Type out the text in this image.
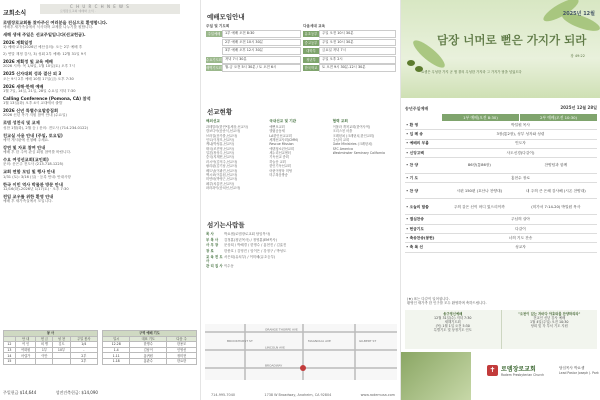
C H U R C H N E W S
교회소식	로뎀장로교회 예배와 소식 ·
로뎀장로교회를 찾아주신 여러분을 진심으로 환영합니다.
예배후 새가족실에서 식사하며 교제를 나누기를 원합니다.
새해 생애 주일은 선교주일입니다(선교헌금).
2026 계획일정
1) 예배·교육(2026년 예산심의): 오는 2부 예배 후
2) 연말 재정 감사, 3) 성회 2부 예배: 12월 31일 9시
2026 계획정 및 교육 예배
2026 시작: 목 1/4일, 1월 10일(토) 오후 7시
2025 신자대회 성과 결산 외 3
오는 9시 2부 예배 10월 17일(금) 오후 7:30
2026 새해·한해 예배
1월 7일, 14일, 21일, 28일 수요일 저녁 7:30
Calling Conference (Pomona, CA) 참석
1월 13일(화) 오후 4시 교대에서 출발
2026 신년 특별수요말씀집회
2026 신년 목가 지원 참여 안내 (수요일)
로뎀 성찬식 및 교제
성찬 1월(화), 2월 등 / 문의: 전도사 (714.234.0122)
친교실 사용 안내 (주일, 토요일)
예약 게시판에 신청해 주세요.
강연 및 자료 참여 안내
예배 후 한 주씩 관심 회원 참여를 바랍니다.
수요 여성선교회(교인회)
문의: 문은주 전도사 (213.718.1225)
교회 연합 모임 및 행사 안내
1/31 (토): 3/16 (일) · 등록 안내: 안내사항
한국 이민 역사 박물관 방문 안내
12/16(화)-2026년 1/17(토) · 오후 7:30
전입 교우를 위한 환영 안내
예배 후 새가족실에서 모입니다.
봉 사				
	안 내	헌 금	성 찬	주일 봉사
12	여 인	외 병	김도	1/4
13	여화원	1부	10부	-
14	어렵가	이만		2부
15				2부
구역 예배 기도		
일시	대표 기도	다음 주
12.28	한명수	한용모
1.4	김남이	인영선
1.11	홍귀원	정미현
1.18	홍관수	한요한
주일헌금 $14,644	성전건축헌금: $14,090
예배모임안내
주일 및 기도회
주일예배	1부 예배 오전 8:30
2부 예배 오전 10시 30분
3부 예배 오후 12시 30분
수요기도회 저녁 7시 30분
새벽기도회 월-금 오전 5시 30분 / 토 오전 6시
다음세대 교육
유초등부	주일 오전 10시 30분
중고등부	주일 오전 10시 30분
대학부	금요일 저녁 7시
청년부	주일 오후 2시
한국학교	토 오전 9시 30분-12시 30분
선교현황
해외선교
과테말라(한민*홍세웅,선교사)
캄보디아(송준식,선교사)
브라질(문가를,선교사)
인도(이정모,선교사)
케냐(박성훈,선교사)
태국(조진영,선교사)
일본(장상우,선교사)
중국(지재헌,선교사)
러시아(김의주,선교사)
필리핀(김기남,선교사)
베트남(이광진,선교사)
멕시코(이흥섭,선교사)
미얀마(박영근,선교사)
페루(차흥민,선교사)
파라과이(송치선,선교사)
국내선교 및 기관
예뻔포교회
엘림공동체
LA한인선교교회
세계선교사회(CMM)
Rescue Mission
에덴청소년선교회
새누리선교센터
기독선교 총회
하늘문 교회
한인기독선교회
어린이양육 미팅
미주복음방송
협력 교회
이볼라 개척교회(한여사역)
크리스천 마을
크레틴쳐 (크레틴치,한인교회)
주님의 교회
Gate Ministries (크레틴치)
SFC America
Westminster Seminary California
섬기는사람들
목 사	박요셉(로뎀장로교회 담임목사)
부 목 사	김정훈(청년목사) / 정영훈(EM목사)
사 무 장	문상희 / 박혜경 / 한명수 / 홍현진 / 김효진
장 로	한충호 / 김영진 / 임이은 / 강정구 / 박성도
교 육 전 도 사
서은희(유치부) / 이미혜(유초등부)
관 리 집 사 이수동
ORANGE THORPE AVE
LINCOLN AVE
BROADWAY
BROOKHURST ST	MAGNOLIA AVE	GILBERT ST
714-995-7040	1738 W Broadway, Anaheim, CA 92804	www.rodemusa.com
2025년 12월
담장 너머로 뻗은 가지가 되라
창 49:22
요셉은 무성한 가지 곧 샘 곁의 무성한 가지라 그 가지가 담을 넘었도다
송년주일예배	2025년 12월 28일
1부 예배(오전 8:30)	2부 예배(오전 10:30)
• 환 영	박일원 목사	
• 입 례 송	3장(통2장), 성부 성자와 성령	
• 예배의 부름	인도자	
• 신앙고백	사도신경(다같이)	
• 찬 양	86장(통86장)	찬양팀과 함께
• 기 도	홍현수 장로	
• 찬 양	시편 150편 (호산나 찬양대)	내 주의 큰 은혜 감사해 (시온 찬양대)
• 오늘의 말씀	주의 같은 신이 어디 있으리이까	(미가서 7:14-20) 박일원 목사
• 결심찬송	주님의 살아	
• 헌금기도	다같이	
• 축송찬송(봉헌)	너의 기도 찬송	
• 축 복 선	성교자	
(★) 표는 다같이 일어섭니다.
환영인 새가족 한 인구를 모두 환영하며 축하드립니다.
송구영신예배
12월 31일(수) 저녁 7:30
새해기도회
(목) 1월 1일 오전 5:30
특별기도 및 상정기도 인도
"오천이 있는 자마다 야호와를 찬양하리라"
전교인 신년 감사 예배
1월 4일(주일) 오전 10:30
당회 및 각 부서 기도 지원
✝ 로뎀장로교회
Rodem Presbyterian Church
담임목사 박요셉
Lead Pastor Joseph J. Park
